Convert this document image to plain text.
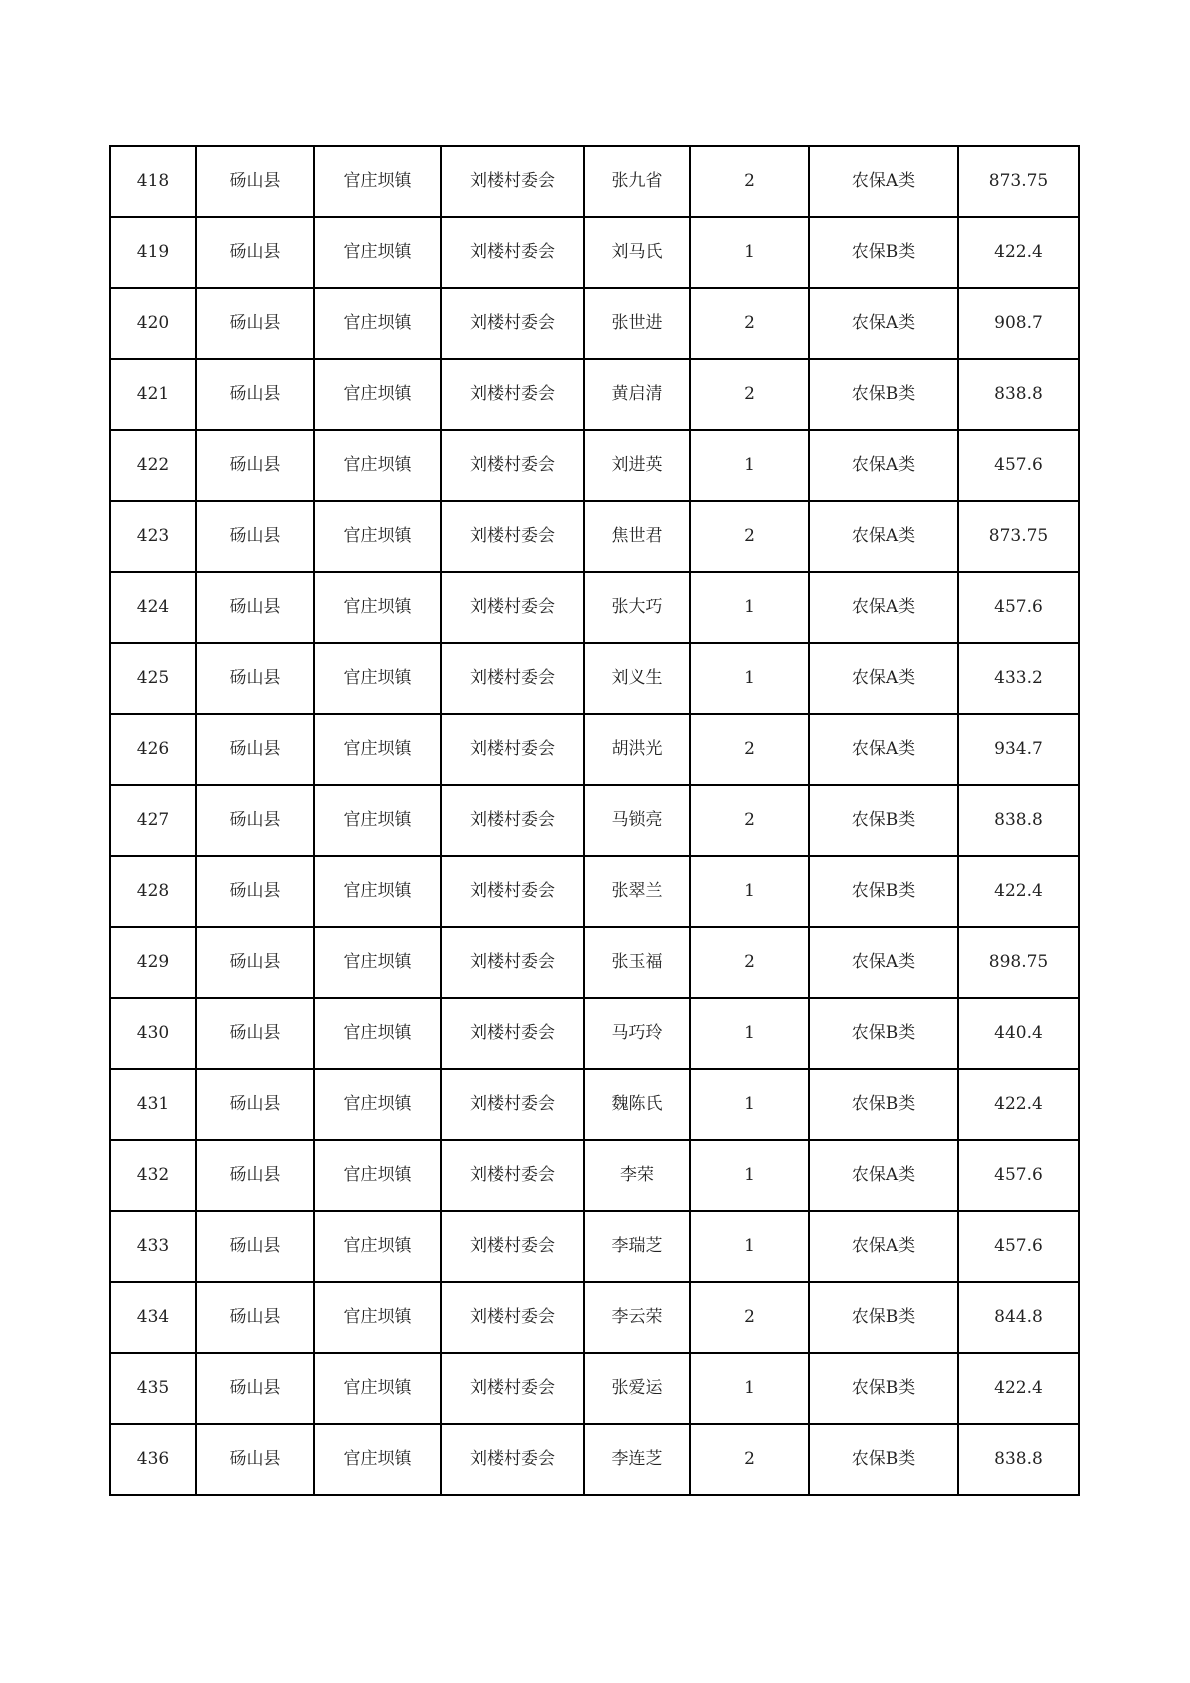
418	砀山县	官庄坝镇	刘楼村委会	张九省	2	农保A类	873.75
419	砀山县	官庄坝镇	刘楼村委会	刘马氏	1	农保B类	422.4
420	砀山县	官庄坝镇	刘楼村委会	张世进	2	农保A类	908.7
421	砀山县	官庄坝镇	刘楼村委会	黄启清	2	农保B类	838.8
422	砀山县	官庄坝镇	刘楼村委会	刘进英	1	农保A类	457.6
423	砀山县	官庄坝镇	刘楼村委会	焦世君	2	农保A类	873.75
424	砀山县	官庄坝镇	刘楼村委会	张大巧	1	农保A类	457.6
425	砀山县	官庄坝镇	刘楼村委会	刘义生	1	农保A类	433.2
426	砀山县	官庄坝镇	刘楼村委会	胡洪光	2	农保A类	934.7
427	砀山县	官庄坝镇	刘楼村委会	马锁亮	2	农保B类	838.8
428	砀山县	官庄坝镇	刘楼村委会	张翠兰	1	农保B类	422.4
429	砀山县	官庄坝镇	刘楼村委会	张玉福	2	农保A类	898.75
430	砀山县	官庄坝镇	刘楼村委会	马巧玲	1	农保B类	440.4
431	砀山县	官庄坝镇	刘楼村委会	魏陈氏	1	农保B类	422.4
432	砀山县	官庄坝镇	刘楼村委会	李荣	1	农保A类	457.6
433	砀山县	官庄坝镇	刘楼村委会	李瑞芝	1	农保A类	457.6
434	砀山县	官庄坝镇	刘楼村委会	李云荣	2	农保B类	844.8
435	砀山县	官庄坝镇	刘楼村委会	张爱运	1	农保B类	422.4
436	砀山县	官庄坝镇	刘楼村委会	李连芝	2	农保B类	838.8
